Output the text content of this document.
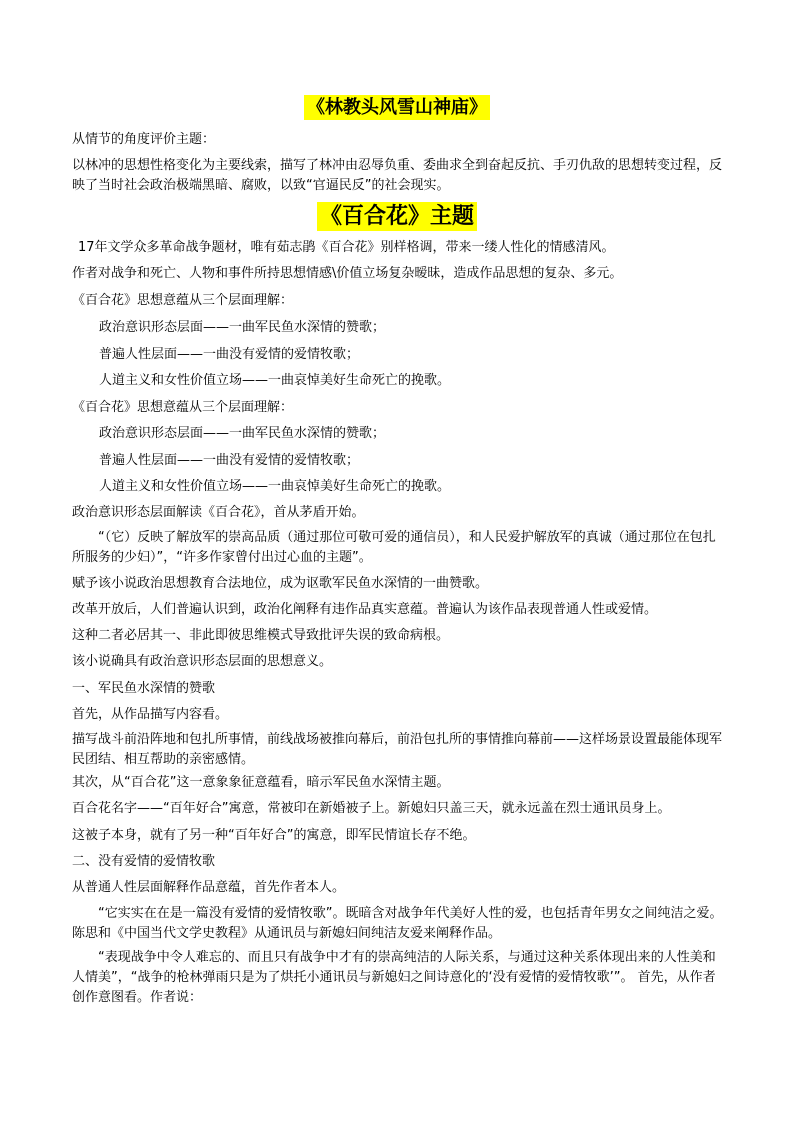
《林教头风雪山神庙》
从情节的角度评价主题：
以林冲的思想性格变化为主要线索，描写了林冲由忍辱负重、委曲求全到奋起反抗、手刃仇敌的思想转变过程，反映了当时社会政治极端黑暗、腐败，以致“官逼民反”的社会现实。
《百合花》主题
17年文学众多革命战争题材，唯有茹志鹃《百合花》别样格调，带来一缕人性化的情感清风。
作者对战争和死亡、人物和事件所持思想情感\价值立场复杂暧昧，造成作品思想的复杂、多元。
《百合花》思想意蕴从三个层面理解：
政治意识形态层面——一曲军民鱼水深情的赞歌；
普遍人性层面——一曲没有爱情的爱情牧歌；
人道主义和女性价值立场——一曲哀悼美好生命死亡的挽歌。
《百合花》思想意蕴从三个层面理解：
政治意识形态层面——一曲军民鱼水深情的赞歌；
普遍人性层面——一曲没有爱情的爱情牧歌；
人道主义和女性价值立场——一曲哀悼美好生命死亡的挽歌。
政治意识形态层面解读《百合花》，首从茅盾开始。
“（它）反映了解放军的崇高品质（通过那位可敬可爱的通信员），和人民爱护解放军的真诚（通过那位在包扎所服务的少妇）”，“许多作家曾付出过心血的主题”。
赋予该小说政治思想教育合法地位，成为讴歌军民鱼水深情的一曲赞歌。
改革开放后，人们普遍认识到，政治化阐释有违作品真实意蕴。普遍认为该作品表现普通人性或爱情。
这种二者必居其一、非此即彼思维模式导致批评失误的致命病根。
该小说确具有政治意识形态层面的思想意义。
一、军民鱼水深情的赞歌
首先，从作品描写内容看。
描写战斗前沿阵地和包扎所事情，前线战场被推向幕后，前沿包扎所的事情推向幕前——这样场景设置最能体现军民团结、相互帮助的亲密感情。
其次，从“百合花”这一意象象征意蕴看，暗示军民鱼水深情主题。
百合花名字——“百年好合”寓意，常被印在新婚被子上。新媳妇只盖三天，就永远盖在烈士通讯员身上。
这被子本身，就有了另一种“百年好合”的寓意，即军民情谊长存不绝。
二、没有爱情的爱情牧歌
从普通人性层面解释作品意蕴，首先作者本人。
“它实实在在是一篇没有爱情的爱情牧歌”。既暗含对战争年代美好人性的爱，也包括青年男女之间纯洁之爱。陈思和《中国当代文学史教程》从通讯员与新媳妇间纯洁友爱来阐释作品。
“表现战争中令人难忘的、而且只有战争中才有的崇高纯洁的人际关系，与通过这种关系体现出来的人性美和人情美”，“战争的枪林弹雨只是为了烘托小通讯员与新媳妇之间诗意化的‘没有爱情的爱情牧歌’”。 首先，从作者创作意图看。作者说：
